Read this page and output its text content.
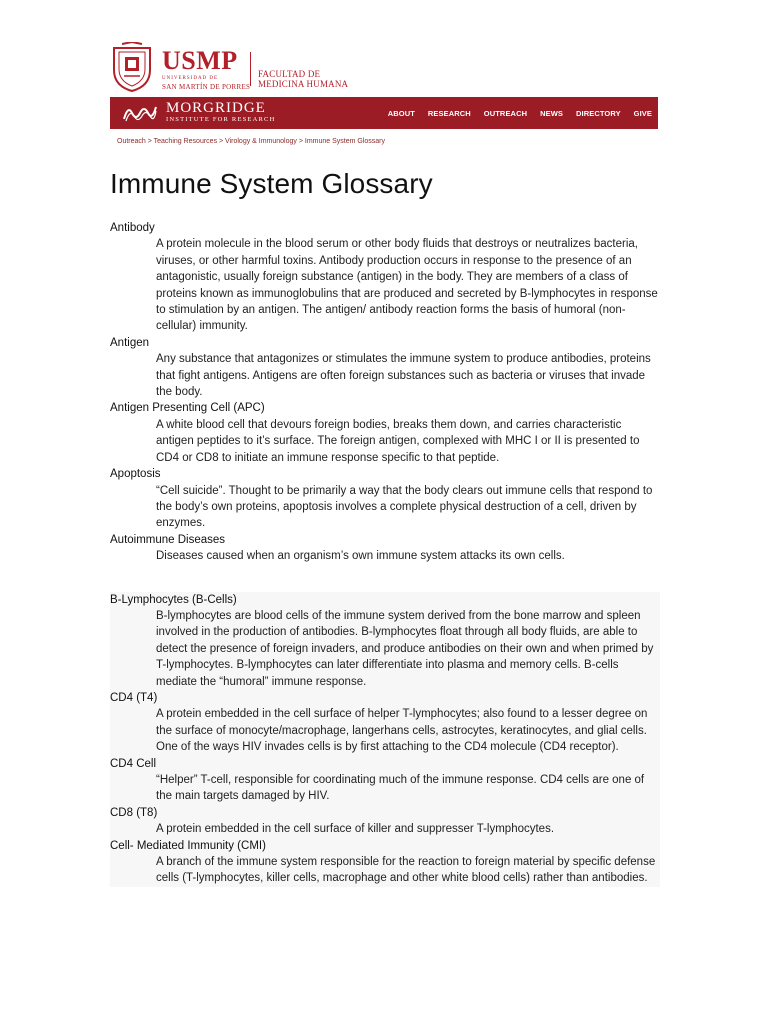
USMP
UNIVERSIDAD DE
SAN MARTÍN DE PORRES
FACULTAD DE
MEDICINA HUMANA
MORGRIDGE
INSTITUTE FOR RESEARCH
ABOUT RESEARCH OUTREACH NEWS DIRECTORY GIVE
Outreach > Teaching Resources > Virology & Immunology > Immune System Glossary
Immune System Glossary
Antibody
A protein molecule in the blood serum or other body fluids that destroys or neutralizes bacteria, viruses, or other harmful toxins. Antibody production occurs in response to the presence of an antagonistic, usually foreign substance (antigen) in the body. They are members of a class of proteins known as immunoglobulins that are produced and secreted by B-lymphocytes in response to stimulation by an antigen. The antigen/ antibody reaction forms the basis of humoral (non-cellular) immunity.
Antigen
Any substance that antagonizes or stimulates the immune system to produce antibodies, proteins that fight antigens. Antigens are often foreign substances such as bacteria or viruses that invade the body.
Antigen Presenting Cell (APC)
A white blood cell that devours foreign bodies, breaks them down, and carries characteristic antigen peptides to it’s surface. The foreign antigen, complexed with MHC I or II is presented to CD4 or CD8 to initiate an immune response specific to that peptide.
Apoptosis
“Cell suicide”. Thought to be primarily a way that the body clears out immune cells that respond to the body’s own proteins, apoptosis involves a complete physical destruction of a cell, driven by enzymes.
Autoimmune Diseases
Diseases caused when an organism’s own immune system attacks its own cells.
B-Lymphocytes (B-Cells)
B-lymphocytes are blood cells of the immune system derived from the bone marrow and spleen involved in the production of antibodies. B-lymphocytes float through all body fluids, are able to detect the presence of foreign invaders, and produce antibodies on their own and when primed by T-lymphocytes. B-lymphocytes can later differentiate into plasma and memory cells. B-cells mediate the “humoral” immune response.
CD4 (T4)
A protein embedded in the cell surface of helper T-lymphocytes; also found to a lesser degree on the surface of monocyte/macrophage, langerhans cells, astrocytes, keratinocytes, and glial cells. One of the ways HIV invades cells is by first attaching to the CD4 molecule (CD4 receptor).
CD4 Cell
“Helper” T-cell, responsible for coordinating much of the immune response. CD4 cells are one of the main targets damaged by HIV.
CD8 (T8)
A protein embedded in the cell surface of killer and suppresser T-lymphocytes.
Cell- Mediated Immunity (CMI)
A branch of the immune system responsible for the reaction to foreign material by specific defense cells (T-lymphocytes, killer cells, macrophage and other white blood cells) rather than antibodies.
